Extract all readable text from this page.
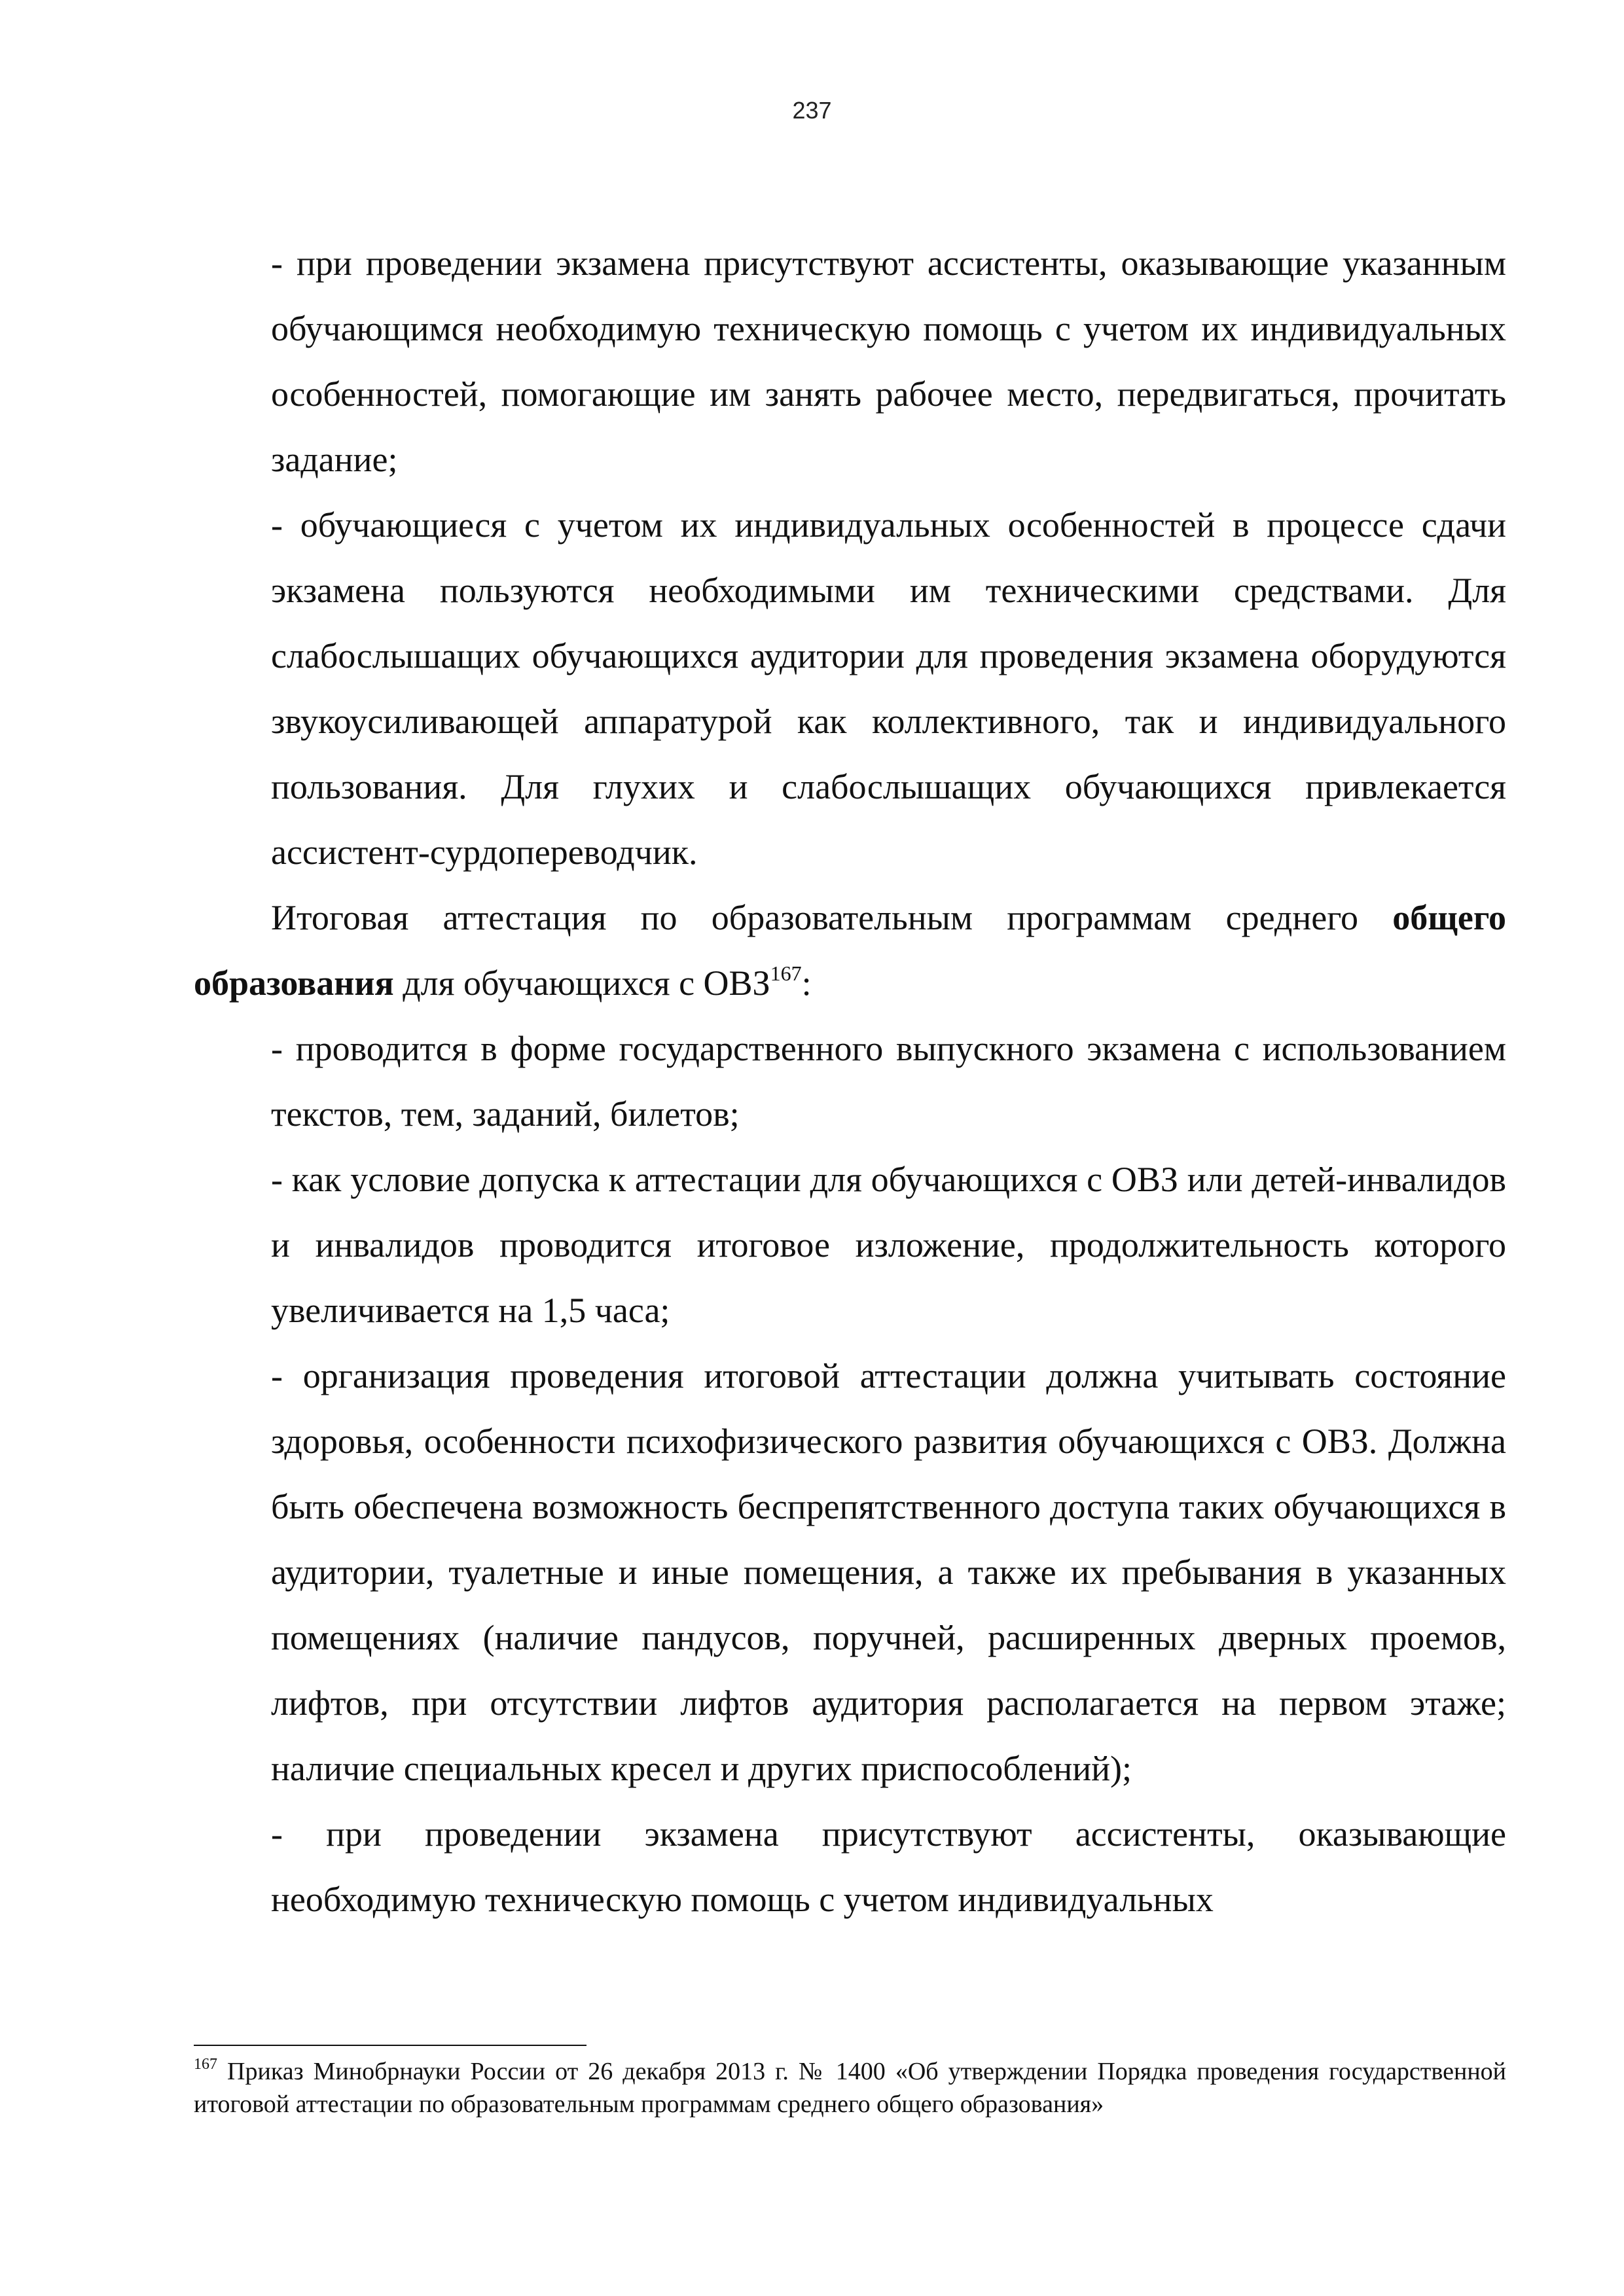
237

- при проведении экзамена присутствуют ассистенты, оказывающие указанным обучающимся необходимую техническую помощь с учетом их индивидуальных особенностей, помогающие им занять рабочее место, передвигаться, прочитать задание;

- обучающиеся с учетом их индивидуальных особенностей в процессе сдачи экзамена пользуются необходимыми им техническими средствами. Для слабослышащих обучающихся аудитории для проведения экзамена оборудуются звукоусиливающей аппаратурой как коллективного, так и индивидуального пользования. Для глухих и слабослышащих обучающихся привлекается ассистент-сурдопереводчик.

Итоговая аттестация по образовательным программам среднего общего образования для обучающихся с ОВЗ$^{167}$:

- проводится в форме государственного выпускного экзамена с использованием текстов, тем, заданий, билетов;

- как условие допуска к аттестации для обучающихся с ОВЗ или детей-инвалидов и инвалидов проводится итоговое изложение, продолжительность которого увеличивается на 1,5 часа;

- организация проведения итоговой аттестации должна учитывать состояние здоровья, особенности психофизического развития обучающихся с ОВЗ. Должна быть обеспечена возможность беспрепятственного доступа таких обучающихся в аудитории, туалетные и иные помещения, а также их пребывания в указанных помещениях (наличие пандусов, поручней, расширенных дверных проемов, лифтов, при отсутствии лифтов аудитория располагается на первом этаже; наличие специальных кресел и других приспособлений);

- при проведении экзамена присутствуют ассистенты, оказывающие необходимую техническую помощь с учетом индивидуальных

$^{167}$ Приказ Минобрнауки России от 26 декабря 2013 г. № 1400 «Об утверждении Порядка проведения государственной итоговой аттестации по образовательным программам среднего общего образования»
